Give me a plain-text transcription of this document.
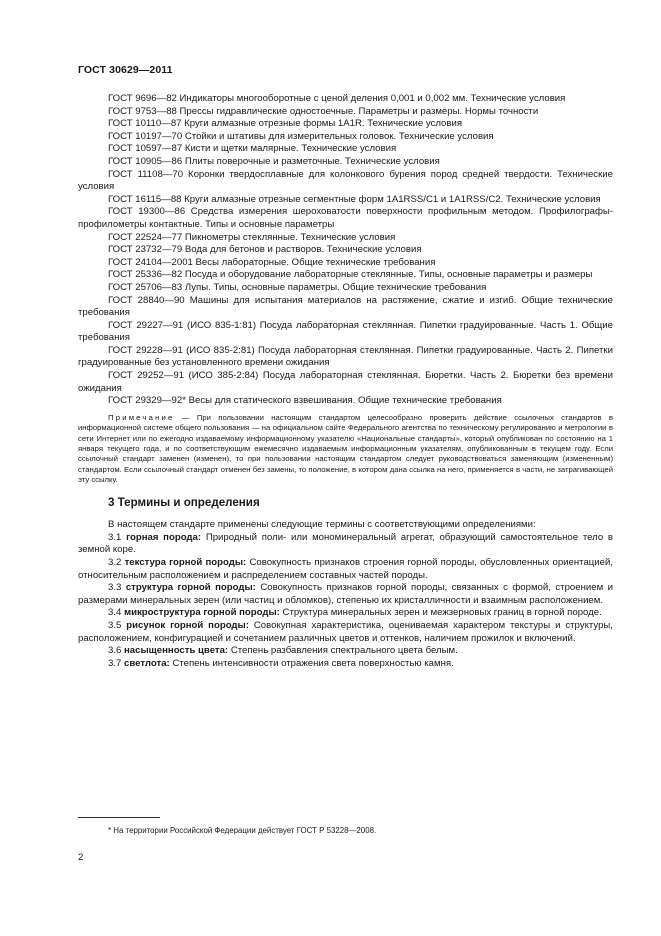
ГОСТ 30629—2011

ГОСТ 9696—82 Индикаторы многооборотные с ценой деления 0,001 и 0,002 мм. Технические условия

ГОСТ 9753—88 Прессы гидравлические одностоечные. Параметры и размеры. Нормы точности

ГОСТ 10110—87 Круги алмазные отрезные формы 1A1R. Технические условия

ГОСТ 10197—70 Стойки и штативы для измерительных головок. Технические условия

ГОСТ 10597—87 Кисти и щетки малярные. Технические условия

ГОСТ 10905—86 Плиты поверочные и разметочные. Технические условия

ГОСТ 11108—70 Коронки твердосплавные для колонкового бурения пород средней твердости. Технические условия

ГОСТ 16115—88 Круги алмазные отрезные сегментные форм 1A1RSS/C1 и 1A1RSS/C2. Технические условия

ГОСТ 19300—86 Средства измерения шероховатости поверхности профильным методом. Профилографы-профилометры контактные. Типы и основные параметры

ГОСТ 22524—77 Пикнометры стеклянные. Технические условия

ГОСТ 23732—79 Вода для бетонов и растворов. Технические условия

ГОСТ 24104—2001 Весы лабораторные. Общие технические требования

ГОСТ 25336—82 Посуда и оборудование лабораторные стеклянные. Типы, основные параметры и размеры

ГОСТ 25706—83 Лупы. Типы, основные параметры. Общие технические требования

ГОСТ 28840—90 Машины для испытания материалов на растяжение, сжатие и изгиб. Общие технические требования

ГОСТ 29227—91 (ИСО 835-1:81) Посуда лабораторная стеклянная. Пипетки градуированные. Часть 1. Общие требования

ГОСТ 29228—91 (ИСО 835-2:81) Посуда лабораторная стеклянная. Пипетки градуированные. Часть 2. Пипетки градуированные без установленного времени ожидания

ГОСТ 29252—91 (ИСО 385-2:84) Посуда лабораторная стеклянная. Бюретки. Часть 2. Бюретки без времени ожидания

ГОСТ 29329—92* Весы для статического взвешивания. Общие технические требования

Примечание — При пользовании настоящим стандартом целесообразно проверить действие ссылочных стандартов в информационной системе общего пользования — на официальном сайте Федерального агентства по техническому регулированию и метрологии в сети Интернет или по ежегодно издаваемому информационному указателю «Национальные стандарты», который опубликован по состоянию на 1 января текущего года, и по соответствующим ежемесячно издаваемым информационным указателям, опубликованным в текущем году. Если ссылочный стандарт заменен (изменен), то при пользовании настоящим стандартом следует руководствоваться заменяющим (измененным) стандартом. Если ссылочный стандарт отменен без замены, то положение, в котором дана ссылка на него, применяется в части, не затрагивающей эту ссылку.

3 Термины и определения

В настоящем стандарте применены следующие термины с соответствующими определениями:

3.1 горная порода: Природный поли- или мономинеральный агрегат, образующий самостоятельное тело в земной коре.

3.2 текстура горной породы: Совокупность признаков строения горной породы, обусловленных ориентацией, относительным расположением и распределением составных частей породы.

3.3 структура горной породы: Совокупность признаков горной породы, связанных с формой, строением и размерами минеральных зерен (или частиц и обломков), степенью их кристалличности и взаимным расположением.

3.4 микроструктура горной породы: Структура минеральных зерен и межзерновых границ в горной породе.

3.5 рисунок горной породы: Совокупная характеристика, оцениваемая характером текстуры и структуры, расположением, конфигурацией и сочетанием различных цветов и оттенков, наличием прожилок и включений.

3.6 насыщенность цвета: Степень разбавления спектрального цвета белым.

3.7 светлота: Степень интенсивности отражения света поверхностью камня.

* На территории Российской Федерации действует ГОСТ Р 53228—2008.
2
